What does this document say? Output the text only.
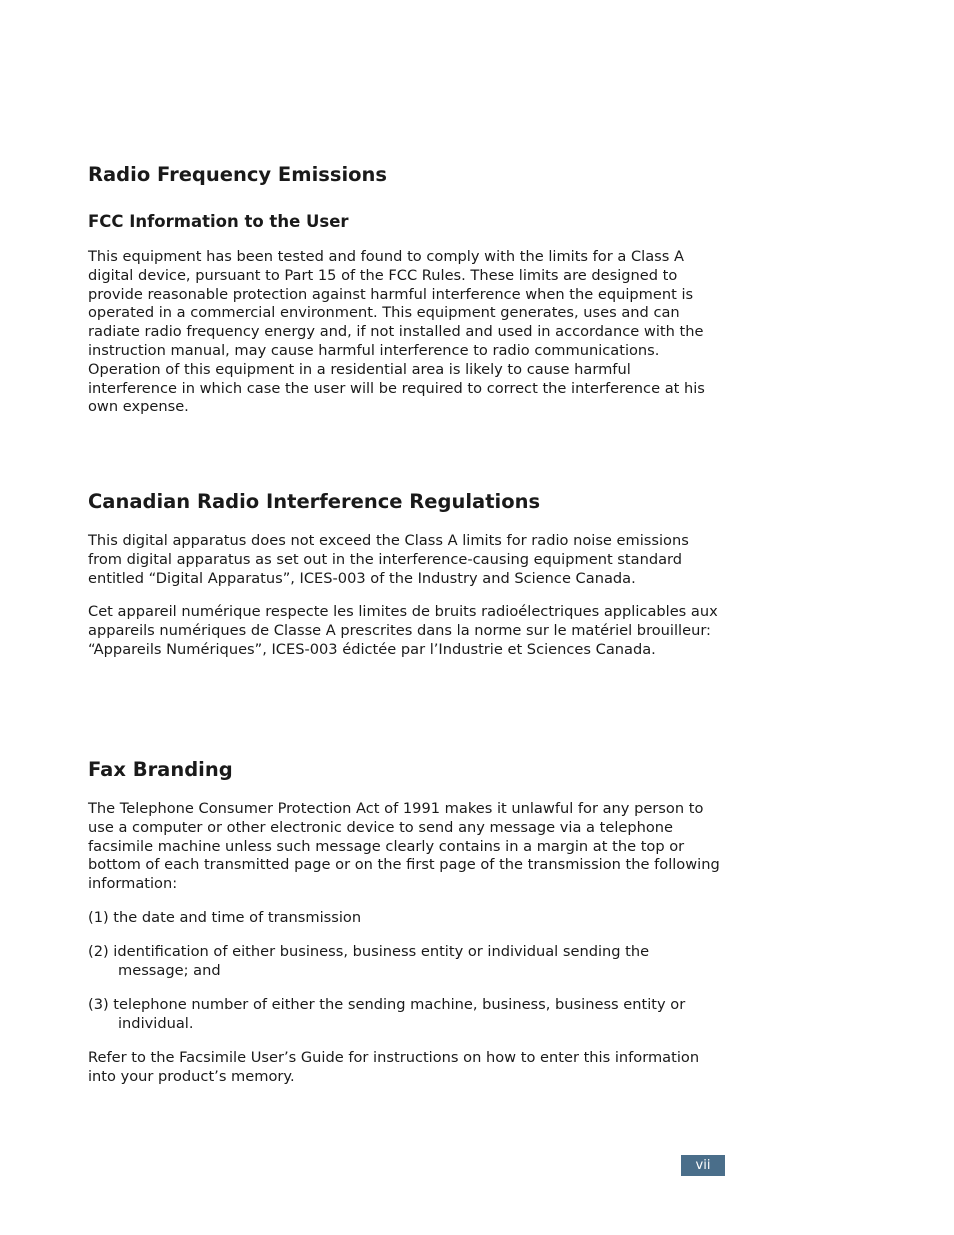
Radio Frequency Emissions
FCC Information to the User
This equipment has been tested and found to comply with the limits for a Class A
digital device, pursuant to Part 15 of the FCC Rules. These limits are designed to
provide reasonable protection against harmful interference when the equipment is
operated in a commercial environment. This equipment generates, uses and can
radiate radio frequency energy and, if not installed and used in accordance with the
instruction manual, may cause harmful interference to radio communications.
Operation of this equipment in a residential area is likely to cause harmful
interference in which case the user will be required to correct the interference at his
own expense.
Canadian Radio Interference Regulations
This digital apparatus does not exceed the Class A limits for radio noise emissions
from digital apparatus as set out in the interference-causing equipment standard
entitled “Digital Apparatus”, ICES-003 of the Industry and Science Canada.
Cet appareil numérique respecte les limites de bruits radioélectriques applicables aux
appareils numériques de Classe A prescrites dans la norme sur le matériel brouilleur:
“Appareils Numériques”, ICES-003 édictée par l’Industrie et Sciences Canada.
Fax Branding
The Telephone Consumer Protection Act of 1991 makes it unlawful for any person to
use a computer or other electronic device to send any message via a telephone
facsimile machine unless such message clearly contains in a margin at the top or
bottom of each transmitted page or on the first page of the transmission the following
information:
(1) the date and time of transmission
(2) identification of either business, business entity or individual sending the
message; and
(3) telephone number of either the sending machine, business, business entity or
individual.
Refer to the Facsimile User’s Guide for instructions on how to enter this information
into your product’s memory.
vii
